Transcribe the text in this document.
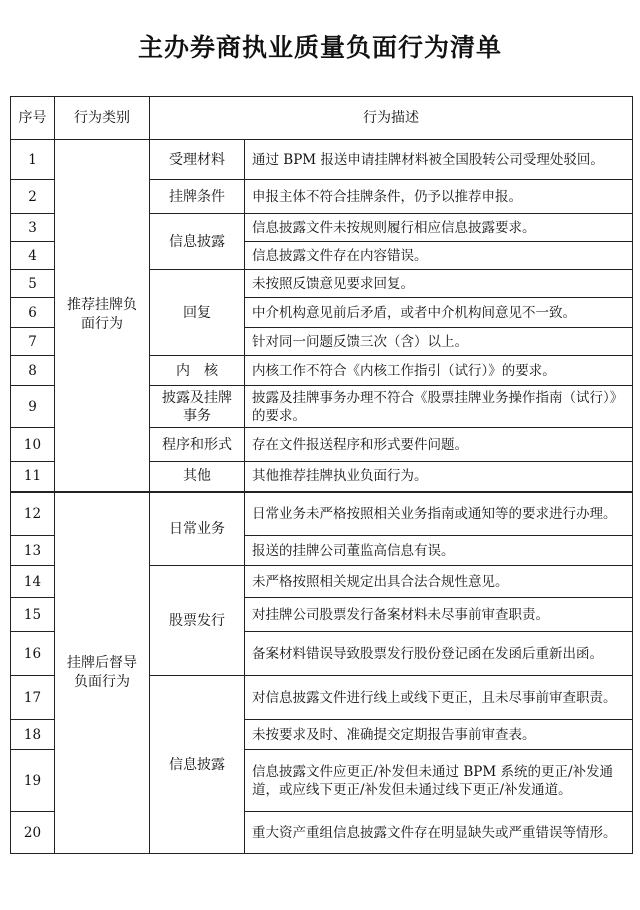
主办券商执业质量负面行为清单
序号	行为类别	行为描述	
1	推荐挂牌负面行为	受理材料	通过 BPM 报送申请挂牌材料被全国股转公司受理处驳回。
2		挂牌条件	申报主体不符合挂牌条件，仍予以推荐申报。
3		信息披露	信息披露文件未按规则履行相应信息披露要求。
4			信息披露文件存在内容错误。
5		回复	未按照反馈意见要求回复。
6			中介机构意见前后矛盾，或者中介机构间意见不一致。
7			针对同一问题反馈三次（含）以上。
8		内　核	内核工作不符合《内核工作指引（试行）》的要求。
9		披露及挂牌事务	披露及挂牌事务办理不符合《股票挂牌业务操作指南（试行）》的要求。
10		程序和形式	存在文件报送程序和形式要件问题。
11		其他	其他推荐挂牌执业负面行为。
12	挂牌后督导负面行为	日常业务	日常业务未严格按照相关业务指南或通知等的要求进行办理。
13			报送的挂牌公司董监高信息有误。
14		股票发行	未严格按照相关规定出具合法合规性意见。
15			对挂牌公司股票发行备案材料未尽事前审查职责。
16			备案材料错误导致股票发行股份登记函在发函后重新出函。
17		信息披露	对信息披露文件进行线上或线下更正，且未尽事前审查职责。
18			未按要求及时、准确提交定期报告事前审查表。
19			信息披露文件应更正/补发但未通过 BPM 系统的更正/补发通道，或应线下更正/补发但未通过线下更正/补发通道。
20			重大资产重组信息披露文件存在明显缺失或严重错误等情形。
